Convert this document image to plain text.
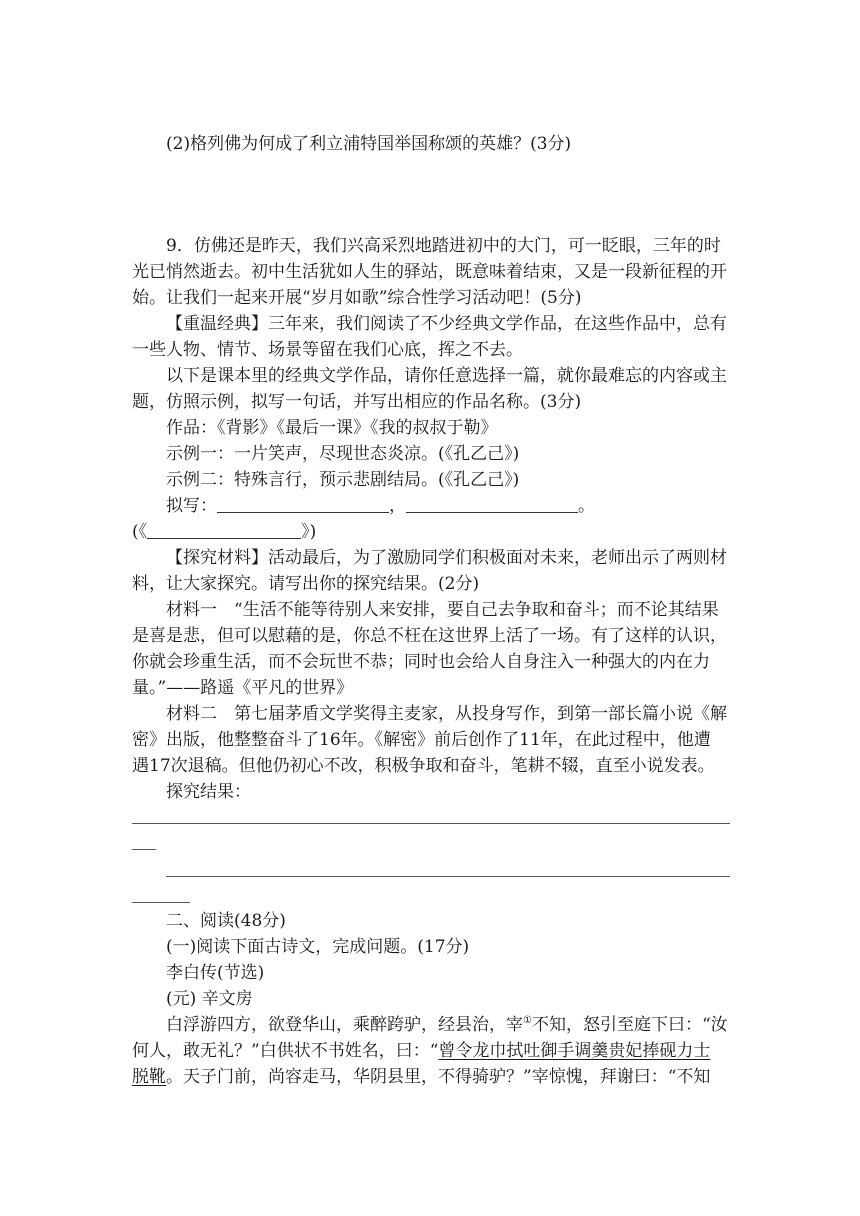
(2)格列佛为何成了利立浦特国举国称颂的英雄？(3分)

9．仿佛还是昨天，我们兴高采烈地踏进初中的大门，可一眨眼，三年的时

光已悄然逝去。初中生活犹如人生的驿站，既意味着结束，又是一段新征程的开

始。让我们一起来开展“岁月如歌”综合性学习活动吧！(5分)

【重温经典】三年来，我们阅读了不少经典文学作品，在这些作品中，总有

一些人物、情节、场景等留在我们心底，挥之不去。

以下是课本里的经典文学作品，请你任意选择一篇，就你最难忘的内容或主

题，仿照示例，拟写一句话，并写出相应的作品名称。(3分)

作品：《背影》《最后一课》《我的叔叔于勒》

示例一：一片笑声，尽现世态炎凉。(《孔乙己》)

示例二：特殊言行，预示悲剧结局。(《孔乙己》)

拟写：	，	。

(《	》)

【探究材料】活动最后，为了激励同学们积极面对未来，老师出示了两则材

料，让大家探究。请写出你的探究结果。(2分)

材料一　“生活不能等待别人来安排，要自己去争取和奋斗；而不论其结果

是喜是悲，但可以慰藉的是，你总不枉在这世界上活了一场。有了这样的认识，

你就会珍重生活，而不会玩世不恭；同时也会给人自身注入一种强大的内在力

量。”——路遥《平凡的世界》

材料二　第七届茅盾文学奖得主麦家，从投身写作，到第一部长篇小说《解

密》出版，他整整奋斗了16年。《解密》前后创作了11年，在此过程中，他遭

遇17次退稿。但他仍初心不改，积极争取和奋斗，笔耕不辍，直至小说发表。

探究结果：

二、阅读(48分)

(一)阅读下面古诗文，完成问题。(17分)

李白传(节选)

(元) 辛文房

白浮游四方，欲登华山，乘醉跨驴，经县治，宰①不知，怒引至庭下曰：“汝

何人，敢无礼？”白供状不书姓名，曰：“曾令龙巾拭吐御手调羹贵妃捧砚力士

脱靴。天子门前，尚容走马，华阴县里，不得骑驴？”宰惊愧，拜谢曰：“不知
